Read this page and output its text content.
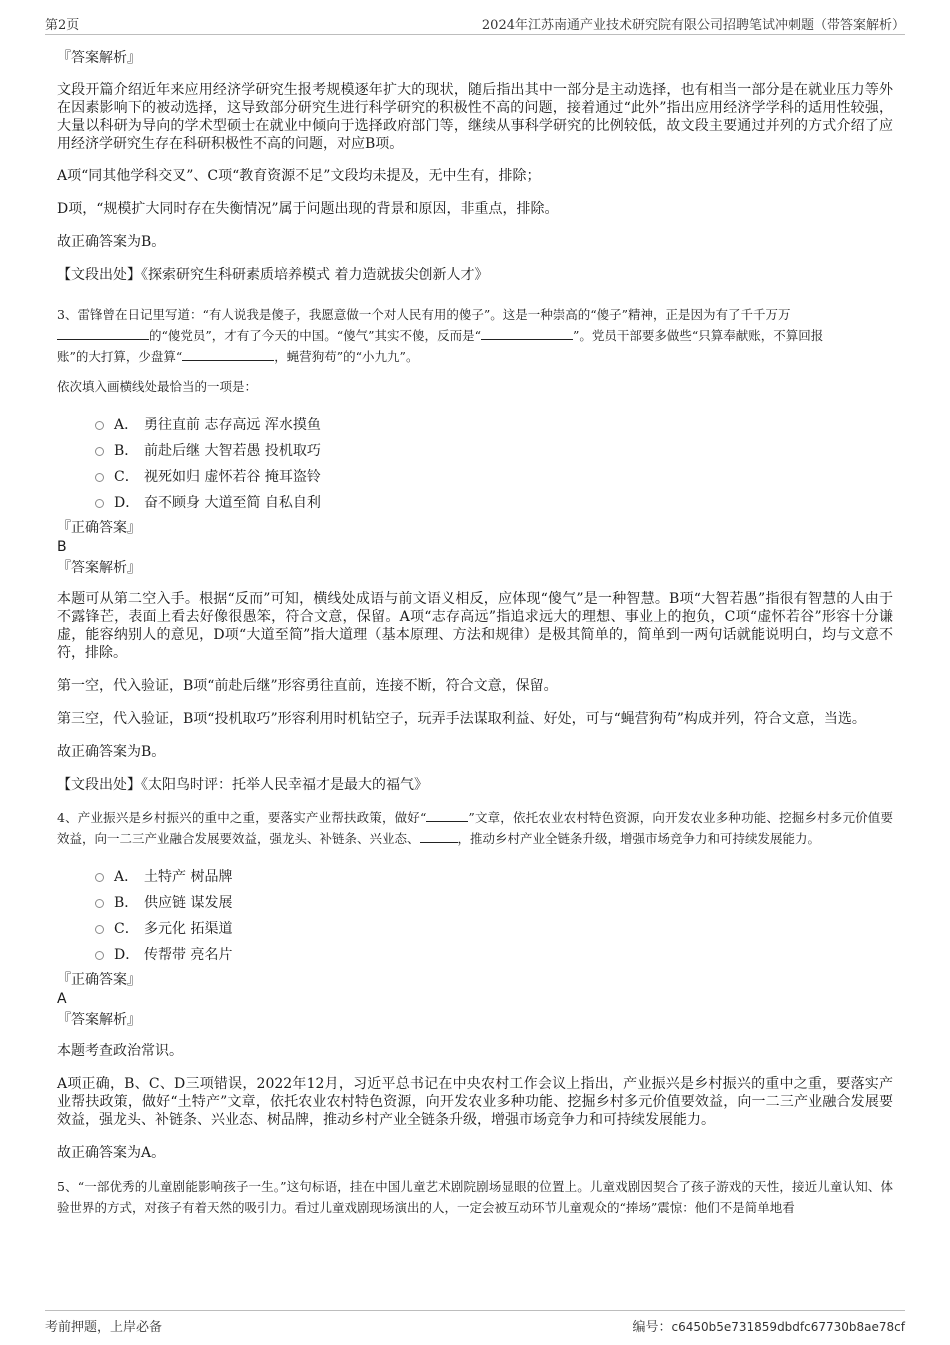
第2页	2024年江苏南通产业技术研究院有限公司招聘笔试冲刺题（带答案解析）

『答案解析』

文段开篇介绍近年来应用经济学研究生报考规模逐年扩大的现状，随后指出其中一部分是主动选择，也有相当一部分是在就业压力等外在因素影响下的被动选择，这导致部分研究生进行科学研究的积极性不高的问题，接着通过“此外”指出应用经济学学科的适用性较强，大量以科研为导向的学术型硕士在就业中倾向于选择政府部门等，继续从事科学研究的比例较低，故文段主要通过并列的方式介绍了应用经济学研究生存在科研积极性不高的问题，对应B项。

A项“同其他学科交叉”、C项“教育资源不足”文段均未提及，无中生有，排除；

D项，“规模扩大同时存在失衡情况”属于问题出现的背景和原因，非重点，排除。

故正确答案为B。

【文段出处】《探索研究生科研素质培养模式 着力造就拔尖创新人才》

3、雷锋曾在日记里写道：“有人说我是傻子，我愿意做一个对人民有用的傻子”。这是一种崇高的“傻子”精神，正是因为有了千千万万
的“傻党员”，才有了今天的中国。“傻气”其实不傻，反而是“	”。党员干部要多做些“只算奉献账，不算回报
账”的大打算，少盘算“	，蝇营狗苟”的“小九九”。

依次填入画横线处最恰当的一项是：

A． 勇往直前 志存高远 浑水摸鱼
B． 前赴后继 大智若愚 投机取巧
C． 视死如归 虚怀若谷 掩耳盗铃
D． 奋不顾身 大道至简 自私自利

『正确答案』

B

『答案解析』

本题可从第二空入手。根据“反而”可知，横线处成语与前文语义相反，应体现“傻气”是一种智慧。B项“大智若愚”指很有智慧的人由于不露锋芒，表面上看去好像很愚笨，符合文意，保留。A项“志存高远”指追求远大的理想、事业上的抱负，C项“虚怀若谷”形容十分谦虚，能容纳别人的意见，D项“大道至简”指大道理（基本原理、方法和规律）是极其简单的，简单到一两句话就能说明白，均与文意不符，排除。

第一空，代入验证，B项“前赴后继”形容勇往直前，连接不断，符合文意，保留。

第三空，代入验证，B项“投机取巧”形容利用时机钻空子，玩弄手法谋取利益、好处，可与“蝇营狗苟”构成并列，符合文意，当选。

故正确答案为B。

【文段出处】《太阳鸟时评：托举人民幸福才是最大的福气》

4、产业振兴是乡村振兴的重中之重，要落实产业帮扶政策，做好“	”文章，依托农业农村特色资源，向开发农业多种功能、挖掘乡村多元价值要效益，向一二三产业融合发展要效益，强龙头、补链条、兴业态、	，推动乡村产业全链条升级，增强市场竞争力和可持续发展能力。

A． 土特产 树品牌
B． 供应链 谋发展
C． 多元化 拓渠道
D． 传帮带 亮名片

『正确答案』

A

『答案解析』

本题考查政治常识。

A项正确，B、C、D三项错误，2022年12月，习近平总书记在中央农村工作会议上指出，产业振兴是乡村振兴的重中之重，要落实产业帮扶政策，做好“土特产”文章，依托农业农村特色资源，向开发农业多种功能、挖掘乡村多元价值要效益，向一二三产业融合发展要效益，强龙头、补链条、兴业态、树品牌，推动乡村产业全链条升级，增强市场竞争力和可持续发展能力。

故正确答案为A。

5、“一部优秀的儿童剧能影响孩子一生。”这句标语，挂在中国儿童艺术剧院剧场显眼的位置上。儿童戏剧因契合了孩子游戏的天性，接近儿童认知、体验世界的方式，对孩子有着天然的吸引力。看过儿童戏剧现场演出的人，一定会被互动环节儿童观众的“捧场”震惊：他们不是简单地看

考前押题，上岸必备	编号：c6450b5e731859dbdfc67730b8ae78cf
